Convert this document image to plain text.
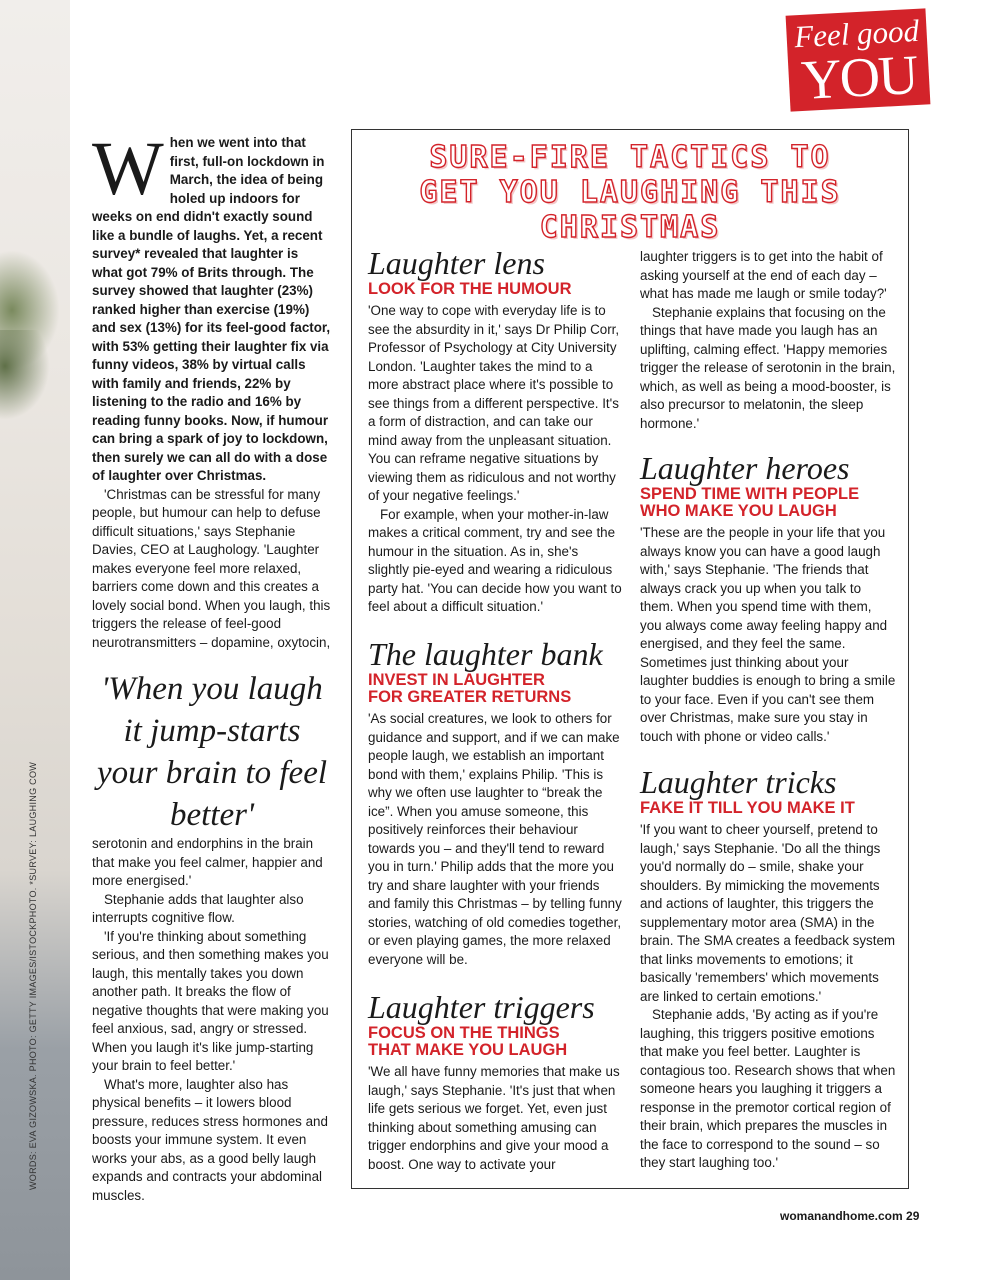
WORDS: EVA GIZOWSKA. PHOTO: GETTY IMAGES/ISTOCKPHOTO. *SURVEY: LAUGHING COW
Feel good
YOU

When we went into that first, full-on lockdown in March, the idea of being holed up indoors for weeks on end didn't exactly sound like a bundle of laughs. Yet, a recent survey* revealed that laughter is what got 79% of Brits through. The survey showed that laughter (23%) ranked higher than exercise (19%) and sex (13%) for its feel-good factor, with 53% getting their laughter fix via funny videos, 38% by virtual calls with family and friends, 22% by listening to the radio and 16% by reading funny books. Now, if humour can bring a spark of joy to lockdown, then surely we can all do with a dose of laughter over Christmas.

'Christmas can be stressful for many people, but humour can help to defuse difficult situations,' says Stephanie Davies, CEO at Laughology. 'Laughter makes everyone feel more relaxed, barriers come down and this creates a lovely social bond. When you laugh, this triggers the release of feel-good neurotransmitters – dopamine, oxytocin,

'When you laugh it jump-starts your brain to feel better'

serotonin and endorphins in the brain that make you feel calmer, happier and more energised.'

Stephanie adds that laughter also interrupts cognitive flow.

'If you're thinking about something serious, and then something makes you laugh, this mentally takes you down another path. It breaks the flow of negative thoughts that were making you feel anxious, sad, angry or stressed. When you laugh it's like jump-starting your brain to feel better.'

What's more, laughter also has physical benefits – it lowers blood pressure, reduces stress hormones and boosts your immune system. It even works your abs, as a good belly laugh expands and contracts your abdominal muscles.

SURE-FIRE TACTICS TO
GET YOU LAUGHING THIS
CHRISTMAS
Laughter lens
LOOK FOR THE HUMOUR

'One way to cope with everyday life is to see the absurdity in it,' says Dr Philip Corr, Professor of Psychology at City University London. 'Laughter takes the mind to a more abstract place where it's possible to see things from a different perspective. It's a form of distraction, and can take our mind away from the unpleasant situation. You can reframe negative situations by viewing them as ridiculous and not worthy of your negative feelings.'

For example, when your mother-in-law makes a critical comment, try and see the humour in the situation. As in, she's slightly pie-eyed and wearing a ridiculous party hat. 'You can decide how you want to feel about a difficult situation.'

The laughter bank
INVEST IN LAUGHTER
FOR GREATER RETURNS

'As social creatures, we look to others for guidance and support, and if we can make people laugh, we establish an important bond with them,' explains Philip. 'This is why we often use laughter to “break the ice”. When you amuse someone, this positively reinforces their behaviour towards you – and they'll tend to reward you in turn.' Philip adds that the more you try and share laughter with your friends and family this Christmas – by telling funny stories, watching of old comedies together, or even playing games, the more relaxed everyone will be.

Laughter triggers
FOCUS ON THE THINGS
THAT MAKE YOU LAUGH

'We all have funny memories that make us laugh,' says Stephanie. 'It's just that when life gets serious we forget. Yet, even just thinking about something amusing can trigger endorphins and give your mood a boost. One way to activate your

laughter triggers is to get into the habit of asking yourself at the end of each day – what has made me laugh or smile today?'

Stephanie explains that focusing on the things that have made you laugh has an uplifting, calming effect. 'Happy memories trigger the release of serotonin in the brain, which, as well as being a mood-booster, is also precursor to melatonin, the sleep hormone.'

Laughter heroes
SPEND TIME WITH PEOPLE
WHO MAKE YOU LAUGH

'These are the people in your life that you always know you can have a good laugh with,' says Stephanie. 'The friends that always crack you up when you talk to them. When you spend time with them, you always come away feeling happy and energised, and they feel the same. Sometimes just thinking about your laughter buddies is enough to bring a smile to your face. Even if you can't see them over Christmas, make sure you stay in touch with phone or video calls.'

Laughter tricks
FAKE IT TILL YOU MAKE IT

'If you want to cheer yourself, pretend to laugh,' says Stephanie. 'Do all the things you'd normally do – smile, shake your shoulders. By mimicking the movements and actions of laughter, this triggers the supplementary motor area (SMA) in the brain. The SMA creates a feedback system that links movements to emotions; it basically 'remembers' which movements are linked to certain emotions.'

Stephanie adds, 'By acting as if you're laughing, this triggers positive emotions that make you feel better. Laughter is contagious too. Research shows that when someone hears you laughing it triggers a response in the premotor cortical region of their brain, which prepares the muscles in the face to correspond to the sound – so they start laughing too.'

womanandhome.com 29
